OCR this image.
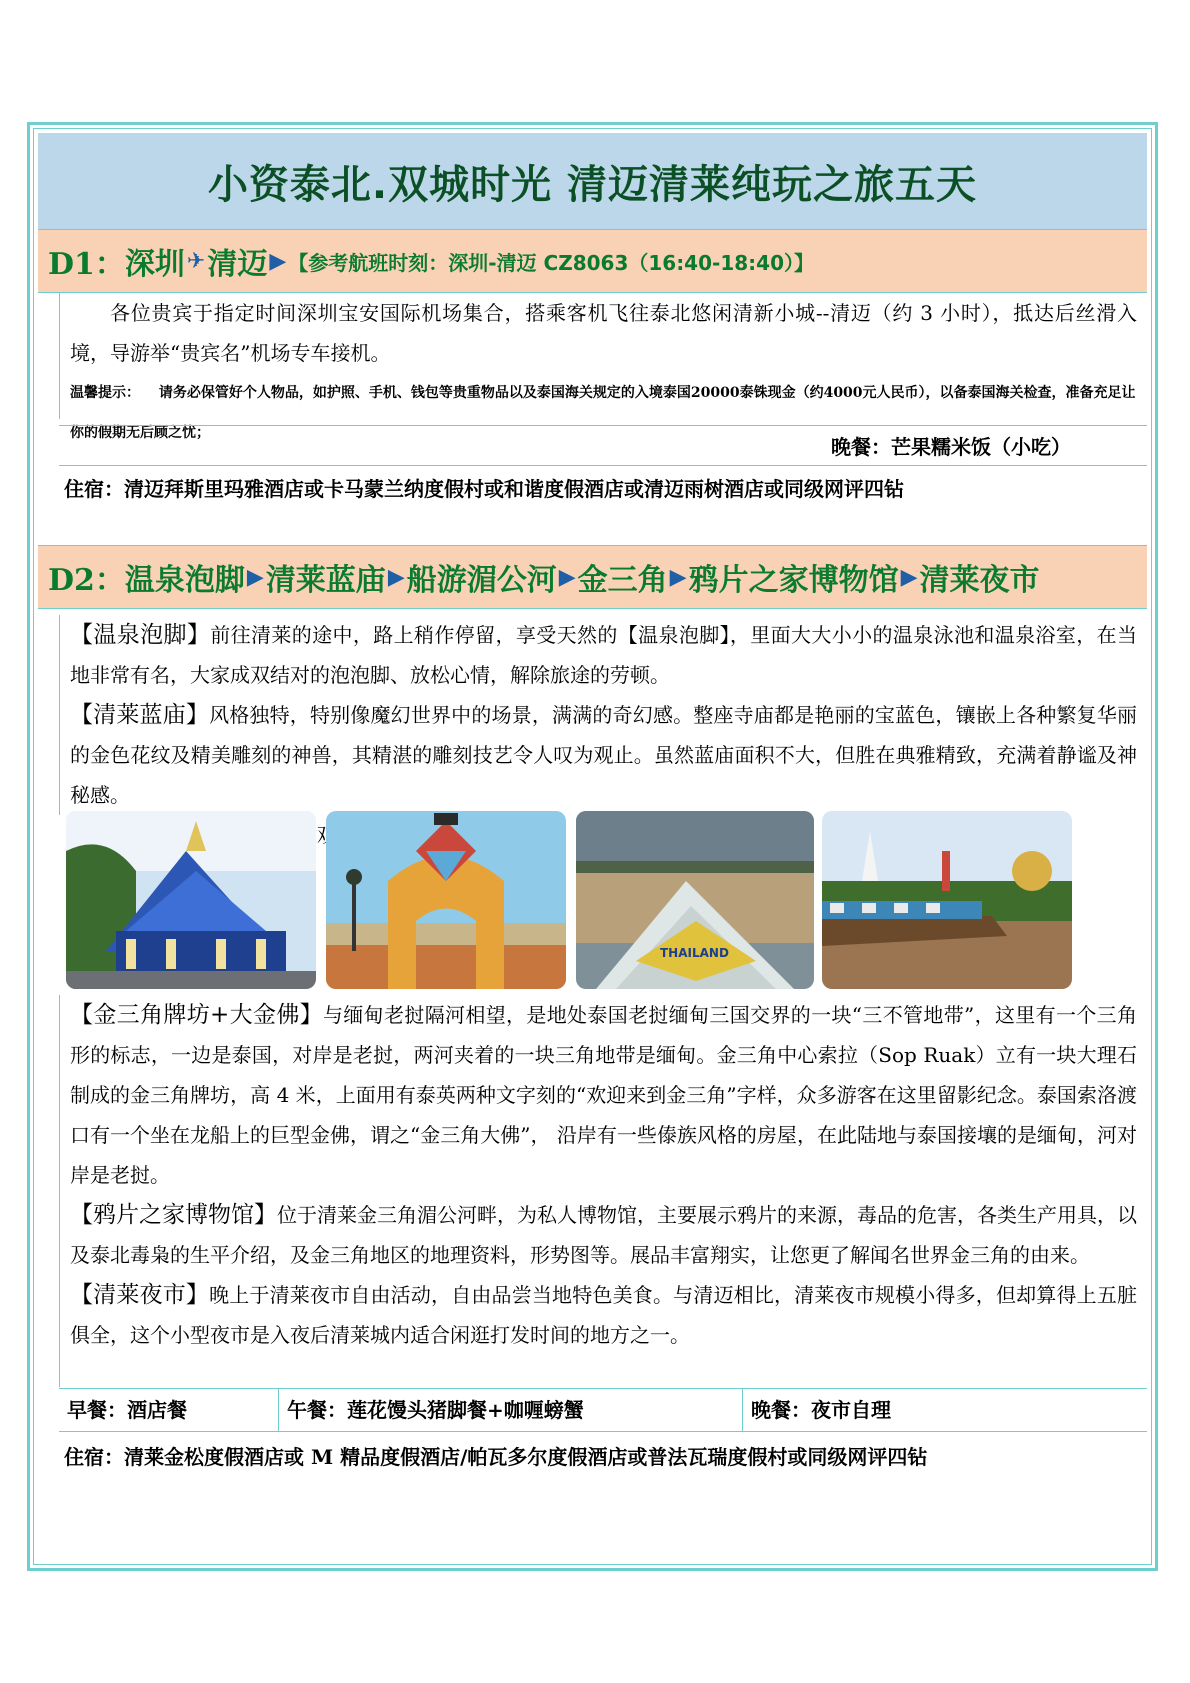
小资泰北.双城时光 清迈清莱纯玩之旅五天
D1： 深圳 ✈ 清迈 ▶ 【参考航班时刻：深圳-清迈 CZ8063（16:40-18:40）】

各位贵宾于指定时间深圳宝安国际机场集合，搭乘客机飞往泰北悠闲清新小城--清迈（约 3 小时），抵达后丝滑入境，导游举“贵宾名”机场专车接机。

温馨提示： 请务必保管好个人物品，如护照、手机、钱包等贵重物品以及泰国海关规定的入境泰国20000泰铢现金（约4000元人民币），以备泰国海关检查，准备充足让你的假期无后顾之忧；

晚餐：芒果糯米饭（小吃）
住宿：清迈拜斯里玛雅酒店或卡马蒙兰纳度假村或和谐度假酒店或清迈雨树酒店或同级网评四钻
D2： 温泉泡脚 ▶ 清莱蓝庙 ▶ 船游湄公河 ▶ 金三角 ▶ 鸦片之家博物馆 ▶ 清莱夜市

【温泉泡脚】前往清莱的途中，路上稍作停留，享受天然的【温泉泡脚】，里面大大小小的温泉泳池和温泉浴室，在当地非常有名，大家成双结对的泡泡脚、放松心情，解除旅途的劳顿。

【清莱蓝庙】风格独特，特别像魔幻世界中的场景，满满的奇幻感。整座寺庙都是艳丽的宝蓝色，镶嵌上各种繁复华丽的金色花纹及精美雕刻的神兽，其精湛的雕刻技艺令人叹为观止。虽然蓝庙面积不大，但胜在典雅精致，充满着静谧及神秘感。

THAILAND

【金三角牌坊+大金佛】与缅甸老挝隔河相望，是地处泰国老挝缅甸三国交界的一块“三不管地带”，这里有一个三角形的标志，一边是泰国，对岸是老挝，两河夹着的一块三角地带是缅甸。金三角中心索拉（Sop Ruak）立有一块大理石制成的金三角牌坊，高 4 米，上面用有泰英两种文字刻的“欢迎来到金三角”字样，众多游客在这里留影纪念。泰国索洛渡口有一个坐在龙船上的巨型金佛，谓之“金三角大佛”， 沿岸有一些傣族风格的房屋，在此陆地与泰国接壤的是缅甸，河对岸是老挝。

【鸦片之家博物馆】位于清莱金三角湄公河畔，为私人博物馆，主要展示鸦片的来源，毒品的危害，各类生产用具，以及泰北毒枭的生平介绍，及金三角地区的地理资料，形势图等。展品丰富翔实，让您更了解闻名世界金三角的由来。

【清莱夜市】晚上于清莱夜市自由活动，自由品尝当地特色美食。与清迈相比，清莱夜市规模小得多，但却算得上五脏俱全，这个小型夜市是入夜后清莱城内适合闲逛打发时间的地方之一。

早餐：酒店餐	午餐：莲花馒头猪脚餐+咖喱螃蟹	晚餐：夜市自理
住宿：清莱金松度假酒店或 M 精品度假酒店/帕瓦多尔度假酒店或普法瓦瑞度假村或同级网评四钻
